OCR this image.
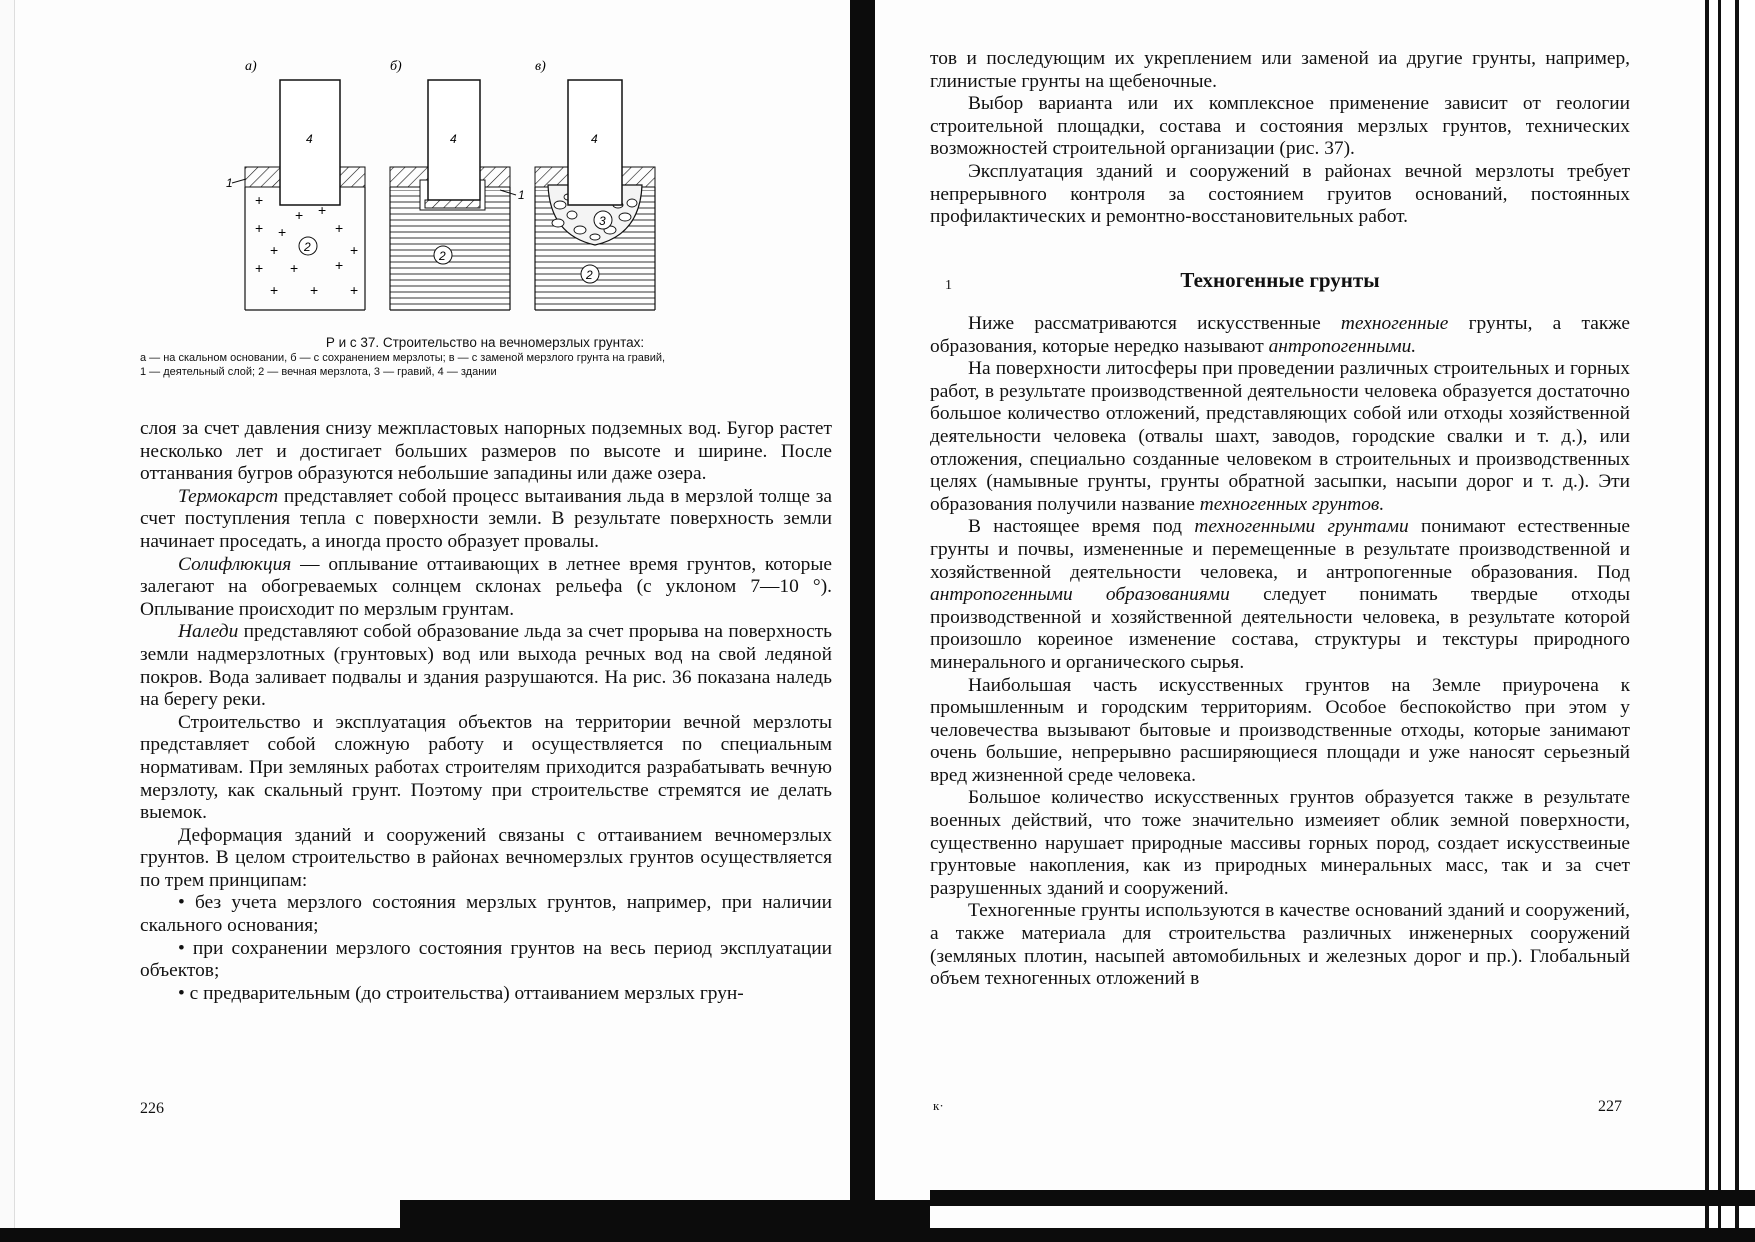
а)
4
+
+ +
+ +	+
+	+
+ +	+
+ + +
2
1
б)
4
2
1
в)
4
3
2

Р и с 37. Строительство на вечномерзлых грунтах:

а — на скальном основании, б — с сохранением мерзлоты; в — с заменой мерзлого грунта на гравий,

1 — деятельный слой; 2 — вечная мерзлота, 3 — гравий, 4 — здании

слоя за счет давления снизу межпластовых напорных подземных вод. Бугор растет несколько лет и достигает больших размеров по высоте и ширине. После оттанвания бугров образуются небольшие западины или даже озера.

Термокарст представляет собой процесс вытаивания льда в мерзлой толще за счет поступления тепла с поверхности земли. В результате поверхность земли начинает проседать, а иногда просто образует провалы.

Солифлюкция — оплывание оттаивающих в летнее время грунтов, которые залегают на обогреваемых солнцем склонах рельефа (с уклоном 7—10 °). Оплывание происходит по мерзлым грунтам.

Наледи представляют собой образование льда за счет прорыва на поверхность земли надмерзлотных (грунтовых) вод или выхода речных вод на свой ледяной покров. Вода заливает подвалы и здания разрушаются. На рис. 36 показана наледь на берегу реки.

Строительство и эксплуатация объектов на территории вечной мерзлоты представляет собой сложную работу и осуществляется по специальным нормативам. При земляных работах строителям приходится разрабатывать вечную мерзлоту, как скальный грунт. Поэтому при строительстве стремятся ие делать выемок.

Деформация зданий и сооружений связаны с оттаиванием вечномерзлых грунтов. В целом строительство в районах вечномерзлых грунтов осуществляется по трем принципам:

• без учета мерзлого состояния мерзлых грунтов, например, при наличии скального основания;

• при сохранении мерзлого состояния грунтов на весь период эксплуатации объектов;

• с предварительным (до строительства) оттаиванием мерзлых грун-

226

тов и последующим их укреплением или заменой иа другие грунты, например, глинистые грунты на щебеночные.

Выбор варианта или их комплексное применение зависит от геологии строительной площадки, состава и состояния мерзлых грунтов, технических возможностей строительной организации (рис. 37).

Эксплуатация зданий и сооружений в районах вечной мерзлоты требует непрерывного контроля за состоянием груитов оснований, постоянных профилактических и ремонтно-восстановительных работ.

1	Техногенные грунты

Ниже рассматриваются искусственные техногенные грунты, а также образования, которые нередко называют антропогенными.

На поверхности литосферы при проведении различных строительных и горных работ, в результате производственной деятельности человека образуется достаточно большое количество отложений, представляющих собой или отходы хозяйственной деятельности человека (отвалы шахт, заводов, городские свалки и т. д.), или отложения, специально созданные человеком в строительных и производственных целях (намывные грунты, грунты обратной засыпки, насыпи дорог и т. д.). Эти образования получили название техногенных грунтов.

В настоящее время под техногенными грунтами понимают естественные грунты и почвы, измененные и перемещенные в результате производственной и хозяйственной деятельности человека, и антропогенные образования. Под антропогенными образованиями следует понимать твердые отходы производственной и хозяйственной деятельности человека, в результате которой произошло кореиное изменение состава, структуры и текстуры природного минерального и органического сырья.

Наибольшая часть искусственных грунтов на Земле приурочена к промышленным и городским территориям. Особое беспокойство при этом у человечества вызывают бытовые и производственные отходы, которые занимают очень большие, непрерывно расширяющиеся площади и уже наносят серьезный вред жизненной среде человека.

Большое количество искусственных грунтов образуется также в результате военных действий, что тоже значительно измеияет облик земной поверхности, существенно нарушает природные массивы горных пород, создает искусствеиные грунтовые накопления, как из природных минеральных масс, так и за счет разрушенных зданий и сооружений.

Техногенные грунты используются в качестве оснований зданий и сооружений, а также материала для строительства различных инженерных сооружений (земляных плотин, насыпей автомобильных и железных дорог и пр.). Глобальный объем техногенных отложений в

к·	227
